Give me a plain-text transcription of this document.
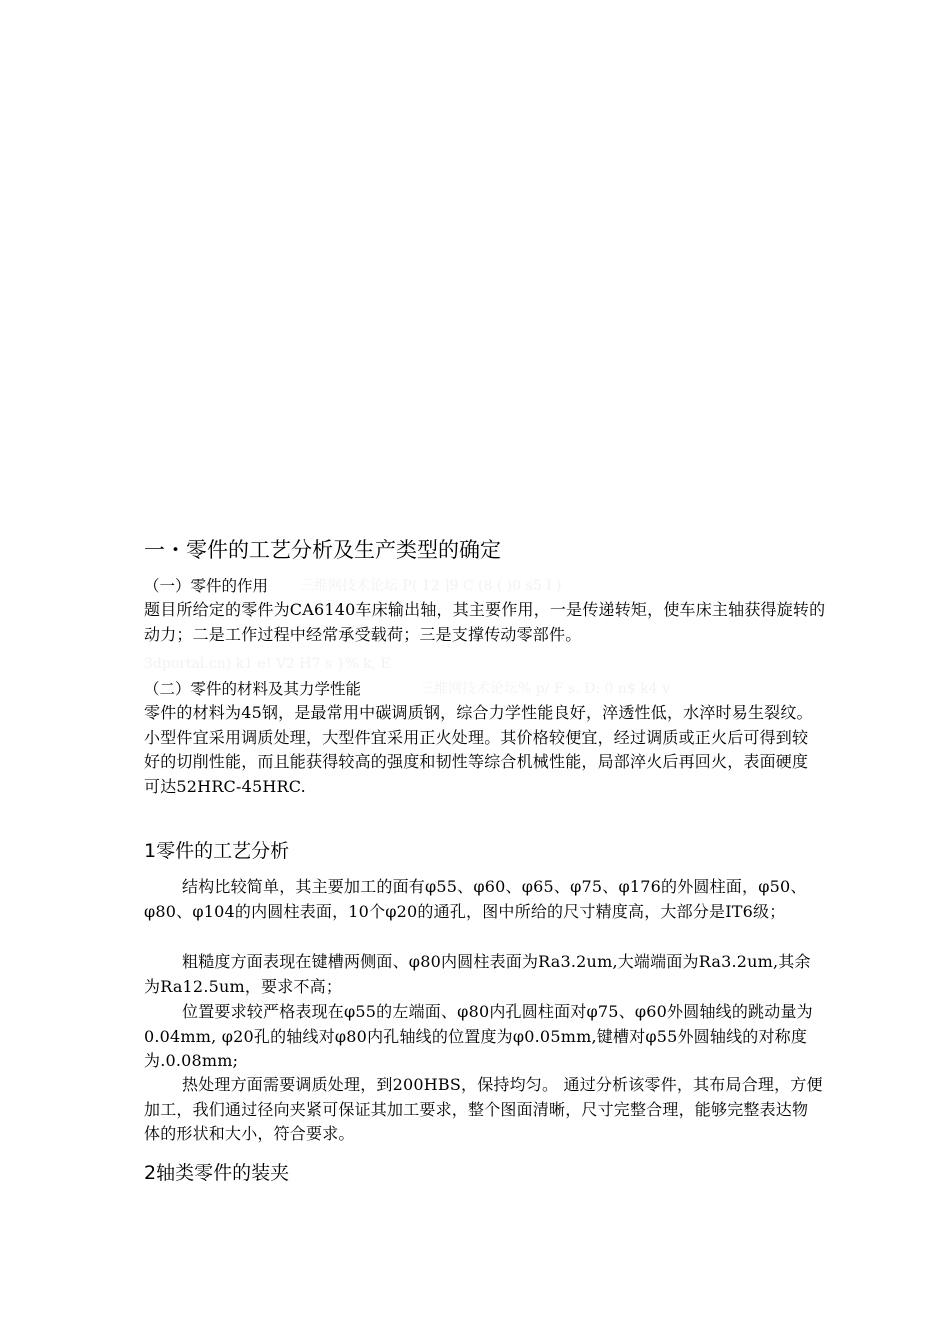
三维网技术论坛 P( 12 ]9 C (8 ( )0 s5 I )
3dportal.cn) k1 e! V2 H7 s }% k, E
三维网技术论坛% p/ F s. D: 0 n$ k4 v
一・零件的工艺分析及生产类型的确定
（一）零件的作用
题目所给定的零件为CA6140车床输出轴，其主要作用，一是传递转矩，使车床主轴获得旋转的动力；二是工作过程中经常承受载荷；三是支撑传动零部件。
（二）零件的材料及其力学性能
零件的材料为45钢，是最常用中碳调质钢，综合力学性能良好，淬透性低，水淬时易生裂纹。小型件宜采用调质处理，大型件宜采用正火处理。其价格较便宜，经过调质或正火后可得到较好的切削性能，而且能获得较高的强度和韧性等综合机械性能，局部淬火后再回火，表面硬度可达52HRC-45HRC.
1零件的工艺分析
结构比较简单，其主要加工的面有φ55、φ60、φ65、φ75、φ176的外圆柱面，φ50、φ80、φ104的内圆柱表面，10个φ20的通孔，图中所给的尺寸精度高，大部分是IT6级；
粗糙度方面表现在键槽两侧面、φ80内圆柱表面为Ra3.2um,大端端面为Ra3.2um,其余为Ra12.5um，要求不高；
位置要求较严格表现在φ55的左端面、φ80内孔圆柱面对φ75、φ60外圆轴线的跳动量为0.04mm, φ20孔的轴线对φ80内孔轴线的位置度为φ0.05mm,键槽对φ55外圆轴线的对称度为.0.08mm;
热处理方面需要调质处理，到200HBS，保持均匀。 通过分析该零件，其布局合理，方便加工，我们通过径向夹紧可保证其加工要求，整个图面清晰，尺寸完整合理，能够完整表达物体的形状和大小，符合要求。
2轴类零件的装夹
